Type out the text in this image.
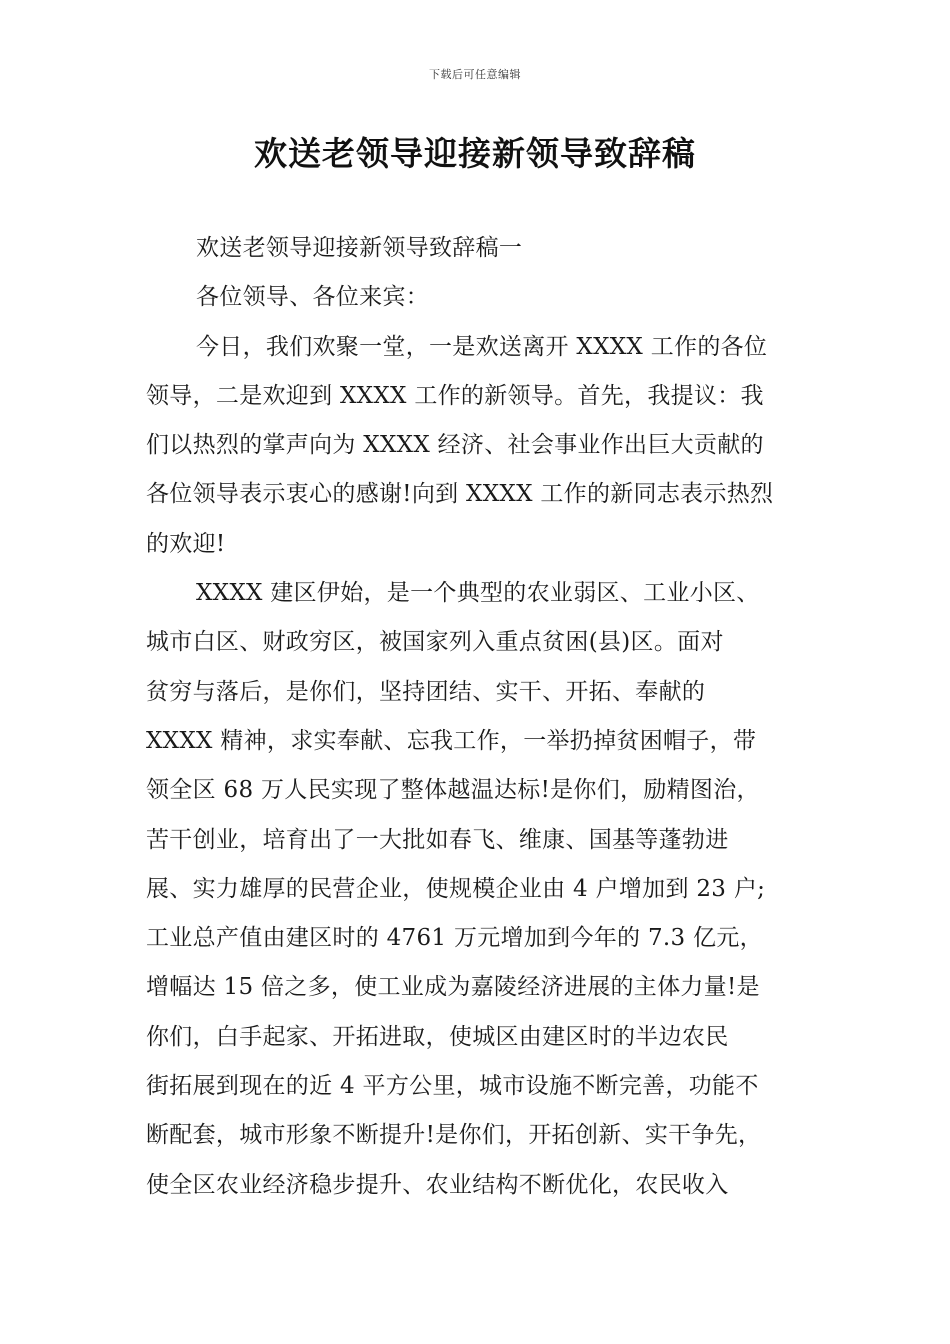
下载后可任意编辑
欢送老领导迎接新领导致辞稿
欢送老领导迎接新领导致辞稿一
各位领导、各位来宾：
今日，我们欢聚一堂，一是欢送离开 XXXX 工作的各位
领导，二是欢迎到 XXXX 工作的新领导。首先，我提议：我
们以热烈的掌声向为 XXXX 经济、社会事业作出巨大贡献的
各位领导表示衷心的感谢!向到 XXXX 工作的新同志表示热烈
的欢迎!
XXXX 建区伊始，是一个典型的农业弱区、工业小区、
城市白区、财政穷区，被国家列入重点贫困(县)区。面对
贫穷与落后，是你们，坚持团结、实干、开拓、奉献的
XXXX 精神，求实奉献、忘我工作，一举扔掉贫困帽子，带
领全区 68 万人民实现了整体越温达标!是你们，励精图治，
苦干创业，培育出了一大批如春飞、维康、国基等蓬勃进
展、实力雄厚的民营企业，使规模企业由 4 户增加到 23 户;
工业总产值由建区时的 4761 万元增加到今年的 7.3 亿元，
增幅达 15 倍之多，使工业成为嘉陵经济进展的主体力量!是
你们，白手起家、开拓进取，使城区由建区时的半边农民
街拓展到现在的近 4 平方公里，城市设施不断完善，功能不
断配套，城市形象不断提升!是你们，开拓创新、实干争先，
使全区农业经济稳步提升、农业结构不断优化，农民收入
